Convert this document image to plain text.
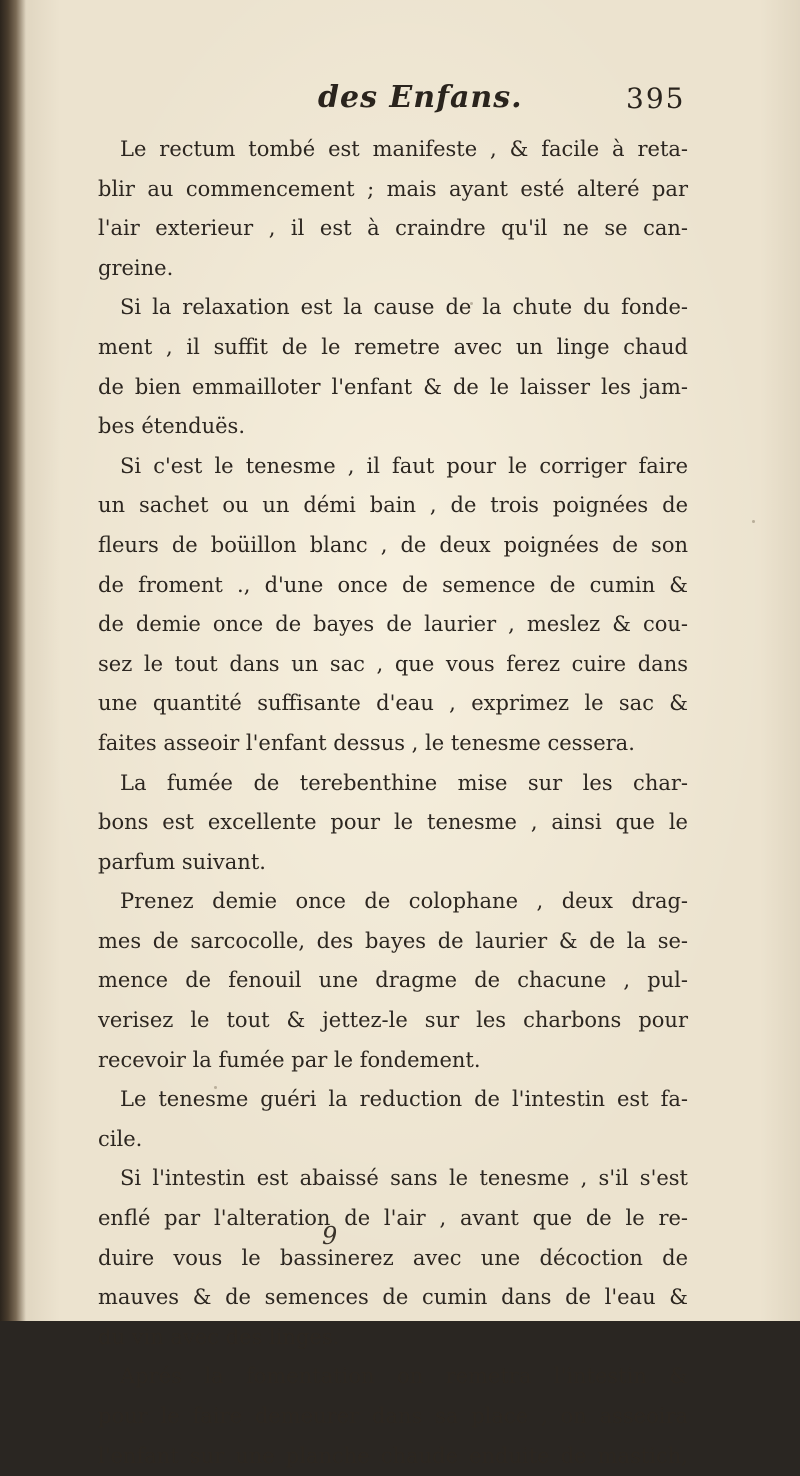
des Enfans.	395
Le rectum tombé est manifeste , & facile à reta-
blir au commencement ; mais ayant esté alteré par
l'air exterieur , il est à craindre qu'il ne se can-
greine.
Si la relaxation est la cause de la chute du fonde-
ment , il suffit de le remetre avec un linge chaud
de bien emmailloter l'enfant & de le laisser les jam-
bes étenduës.
Si c'est le tenesme , il faut pour le corriger faire
un sachet ou un démi bain , de trois poignées de
fleurs de boüillon blanc , de deux poignées de son
de froment ., d'une once de semence de cumin &
de demie once de bayes de laurier , meslez & cou-
sez le tout dans un sac , que vous ferez cuire dans
une quantité suffisante d'eau , exprimez le sac &
faites asseoir l'enfant dessus , le tenesme cessera.
La fumée de terebenthine mise sur les char-
bons est excellente pour le tenesme , ainsi que le
parfum suivant.
Prenez demie once de colophane , deux drag-
mes de sarcocolle, des bayes de laurier & de la se-
mence de fenouil une dragme de chacune , pul-
verisez le tout & jettez-le sur les charbons pour
recevoir la fumée par le fondement.
Le tenesme guéri la reduction de l'intestin est fa-
cile.
Si l'intestin est abaissé sans le tenesme , s'il s'est
enflé par l'alteration de l'air , avant que de le re-
duire vous le bassinerez avec une décoction de
mauves & de semences de cumin dans de l'eau &
du vin avec des linges.
Aprés la fomentation on remetra l'intestin &
pour le faire demeurer dans sa place , on asseoira
l'enfant sur une planche chaude enduite de mastich,
9
